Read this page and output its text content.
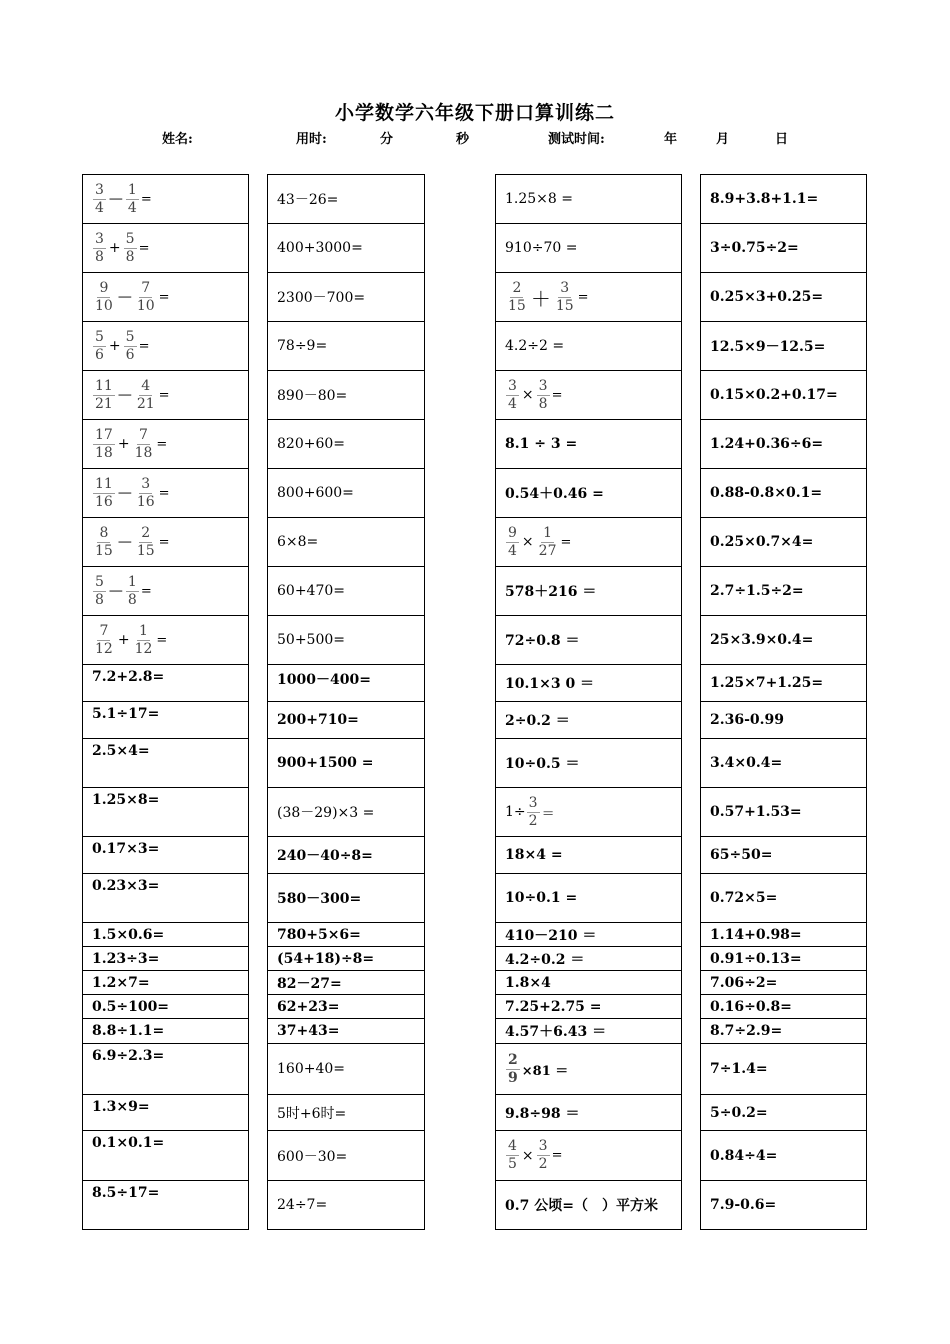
小学数学六年级下册口算训练二
姓名:	用时:	分	秒	测试时间:	年	月	日
$\frac{3}{4}$ — $\frac{1}{4}$ =

$\frac{3}{8} + \frac{5}{8}$ =

$\frac{9}{10}$ — $\frac{7}{10}$ =

$\frac{5}{6} + \frac{5}{6}$ =

$\frac{11}{21}$ — $\frac{4}{21}$ =

$\frac{17}{18} + \frac{7}{18}$ =

$\frac{11}{16}$ — $\frac{3}{16}$ =

$\frac{8}{15}$ — $\frac{2}{15}$ =

$\frac{5}{8}$ — $\frac{1}{8}$ =

$\frac{7}{12} + \frac{1}{12}$ =

7.2+2.8=
5.1÷17=
2.5×4=
1.25×8=
0.17×3=
0.23×3=
1.5×0.6=
1.23÷3=
1.2×7=
0.5÷100=
8.8÷1.1=
6.9÷2.3=
1.3×9=
0.1×0.1=
8.5÷17=
43－26=
400+3000=
2300－700=
78÷9=
890－80=
820+60=
800+600=
6×8=
60+470=
50+500=
1000－400=
200+710=
900+1500 =
(38－29)×3 =
240－40÷8=
580－300=
780+5×6=
(54+18)÷8=
82－27=
62+23=
37+43=
160+40=
5时+6时=
600－30=
24÷7=
1.25×8 =
910÷70 =

$\frac{2}{15} + \frac{3}{15}$ =

4.2÷2 =

$\frac{3}{4} \times \frac{3}{8}$ =

8.1 ÷ 3 =
0.54＋0.46 =

$\frac{9}{4} \times \frac{1}{27}$ =

578＋216 ＝
72÷0.8 ＝
10.1×3 0 ＝
2÷0.2 ＝
10÷0.5 ＝

$1\div \frac{3}{2}$ ＝

18×4 =
10÷0.1 =
410－210 ＝
4.2÷0.2 ＝
1.8×4
7.25+2.75 =
4.57＋6.43 ＝

$\frac{2}{9} \times 81$ ＝

9.8÷98 ＝

$\frac{4}{5} \times \frac{3}{2}$ =

0.7 公顷=（　）平方米
8.9+3.8+1.1=
3÷0.75÷2=
0.25×3+0.25=
12.5×9－12.5=
0.15×0.2+0.17=
1.24+0.36÷6=
0.88-0.8×0.1=
0.25×0.7×4=
2.7÷1.5÷2=
25×3.9×0.4=
1.25×7+1.25=
2.36-0.99
3.4×0.4=
0.57+1.53=
65÷50=
0.72×5=
1.14+0.98=
0.91÷0.13=
7.06÷2=
0.16÷0.8=
8.7÷2.9=
7÷1.4=
5÷0.2=
0.84÷4=
7.9-0.6=
